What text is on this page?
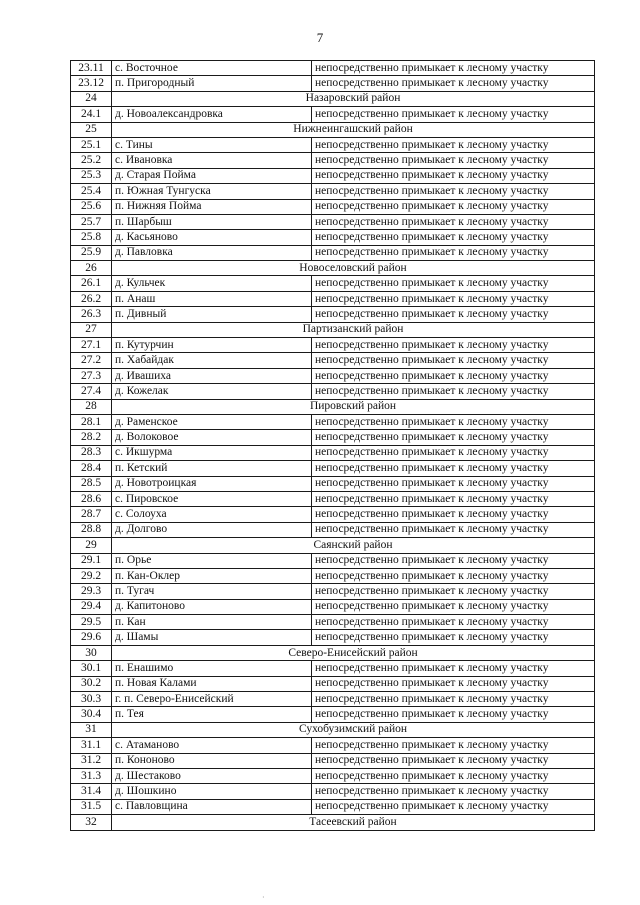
7
23.11	с. Восточное	непосредственно примыкает к лесному участку
23.12	п. Пригородный	непосредственно примыкает к лесному участку
24	Назаровский район	
24.1	д. Новоалександровка	непосредственно примыкает к лесному участку
25	Нижнеингашский район	
25.1	с. Тины	непосредственно примыкает к лесному участку
25.2	с. Ивановка	непосредственно примыкает к лесному участку
25.3	д. Старая Пойма	непосредственно примыкает к лесному участку
25.4	п. Южная Тунгуска	непосредственно примыкает к лесному участку
25.6	п. Нижняя Пойма	непосредственно примыкает к лесному участку
25.7	п. Шарбыш	непосредственно примыкает к лесному участку
25.8	д. Касьяново	непосредственно примыкает к лесному участку
25.9	д. Павловка	непосредственно примыкает к лесному участку
26	Новоселовский район	
26.1	д. Кульчек	непосредственно примыкает к лесному участку
26.2	п. Анаш	непосредственно примыкает к лесному участку
26.3	п. Дивный	непосредственно примыкает к лесному участку
27	Партизанский район	
27.1	п. Кутурчин	непосредственно примыкает к лесному участку
27.2	п. Хабайдак	непосредственно примыкает к лесному участку
27.3	д. Ивашиха	непосредственно примыкает к лесному участку
27.4	д. Кожелак	непосредственно примыкает к лесному участку
28	Пировский район	
28.1	д. Раменское	непосредственно примыкает к лесному участку
28.2	д. Волоковое	непосредственно примыкает к лесному участку
28.3	с. Икшурма	непосредственно примыкает к лесному участку
28.4	п. Кетский	непосредственно примыкает к лесному участку
28.5	д. Новотроицкая	непосредственно примыкает к лесному участку
28.6	с. Пировское	непосредственно примыкает к лесному участку
28.7	с. Солоуха	непосредственно примыкает к лесному участку
28.8	д. Долгово	непосредственно примыкает к лесному участку
29	Саянский район	
29.1	п. Орье	непосредственно примыкает к лесному участку
29.2	п. Кан-Оклер	непосредственно примыкает к лесному участку
29.3	п. Тугач	непосредственно примыкает к лесному участку
29.4	д. Капитоново	непосредственно примыкает к лесному участку
29.5	п. Кан	непосредственно примыкает к лесному участку
29.6	д. Шамы	непосредственно примыкает к лесному участку
30	Северо-Енисейский район	
30.1	п. Енашимо	непосредственно примыкает к лесному участку
30.2	п. Новая Калами	непосредственно примыкает к лесному участку
30.3	г. п. Северо-Енисейский	непосредственно примыкает к лесному участку
30.4	п. Тея	непосредственно примыкает к лесному участку
31	Сухобузимский район	
31.1	с. Атаманово	непосредственно примыкает к лесному участку
31.2	п. Кононово	непосредственно примыкает к лесному участку
31.3	д. Шестаково	непосредственно примыкает к лесному участку
31.4	д. Шошкино	непосредственно примыкает к лесному участку
31.5	с. Павловщина	непосредственно примыкает к лесному участку
32	Тасеевский район	
·
